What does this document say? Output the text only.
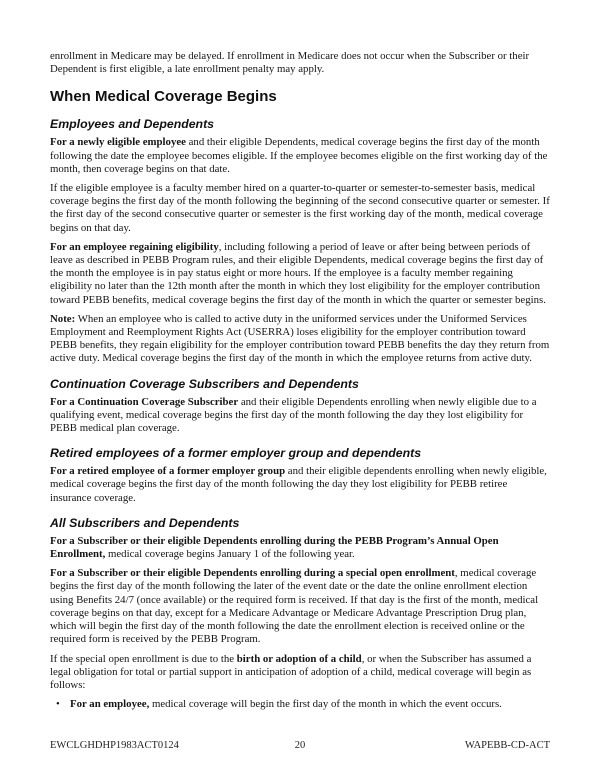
enrollment in Medicare may be delayed. If enrollment in Medicare does not occur when the Subscriber or their Dependent is first eligible, a late enrollment penalty may apply.

When Medical Coverage Begins
Employees and Dependents

For a newly eligible employee and their eligible Dependents, medical coverage begins the first day of the month following the date the employee becomes eligible. If the employee becomes eligible on the first working day of the month, then coverage begins on that date.

If the eligible employee is a faculty member hired on a quarter-to-quarter or semester-to-semester basis, medical coverage begins the first day of the month following the beginning of the second consecutive quarter or semester. If the first day of the second consecutive quarter or semester is the first working day of the month, medical coverage begins on that day.

For an employee regaining eligibility, including following a period of leave or after being between periods of leave as described in PEBB Program rules, and their eligible Dependents, medical coverage begins the first day of the month the employee is in pay status eight or more hours. If the employee is a faculty member regaining eligibility no later than the 12th month after the month in which they lost eligibility for the employer contribution toward PEBB benefits, medical coverage begins the first day of the month in which the quarter or semester begins.

Note: When an employee who is called to active duty in the uniformed services under the Uniformed Services Employment and Reemployment Rights Act (USERRA) loses eligibility for the employer contribution toward PEBB benefits, they regain eligibility for the employer contribution toward PEBB benefits the day they return from active duty. Medical coverage begins the first day of the month in which the employee returns from active duty.

Continuation Coverage Subscribers and Dependents

For a Continuation Coverage Subscriber and their eligible Dependents enrolling when newly eligible due to a qualifying event, medical coverage begins the first day of the month following the day they lost eligibility for PEBB medical plan coverage.

Retired employees of a former employer group and dependents

For a retired employee of a former employer group and their eligible dependents enrolling when newly eligible, medical coverage begins the first day of the month following the day they lost eligibility for PEBB retiree insurance coverage.

All Subscribers and Dependents

For a Subscriber or their eligible Dependents enrolling during the PEBB Program’s Annual Open Enrollment, medical coverage begins January 1 of the following year.

For a Subscriber or their eligible Dependents enrolling during a special open enrollment, medical coverage begins the first day of the month following the later of the event date or the date the online enrollment election using Benefits 24/7 (once available) or the required form is received. If that day is the first of the month, medical coverage begins on that day, except for a Medicare Advantage or Medicare Advantage Prescription Drug plan, which will begin the first day of the month following the date the enrollment election is received online or the required form is received by the PEBB Program.

If the special open enrollment is due to the birth or adoption of a child, or when the Subscriber has assumed a legal obligation for total or partial support in anticipation of adoption of a child, medical coverage will begin as follows:

• For an employee, medical coverage will begin the first day of the month in which the event occurs.
EWCLGHDHP1983ACT0124	20	WAPEBB-CD-ACT
